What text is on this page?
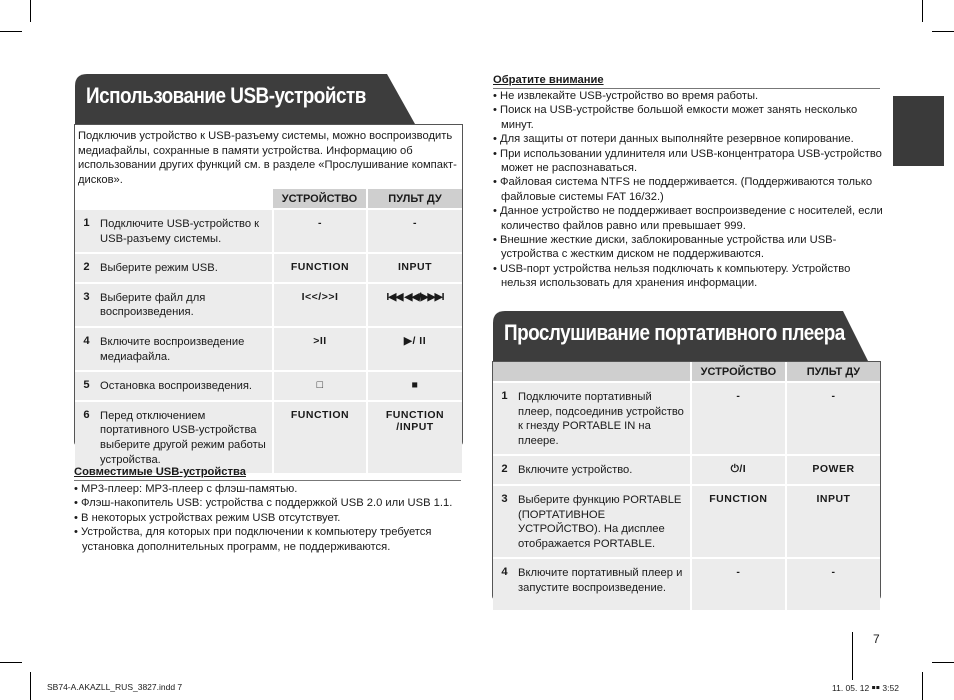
Использование USB-устройств
Подключив устройство к USB-разъему системы, можно воспроизводить медиафайлы, сохранные в памяти устройства. Информацию об использовании других функций см. в разделе «Прослушивание компакт-дисков».
		УСТРОЙСТВО	ПУЛЬТ ДУ
1	Подключите USB-устройство к USB-разъему системы.	-	-
2	Выберите режим USB.	FUNCTION	INPUT
3	Выберите файл для воспроизведения.	I<</>>I	I◀◀ ◀◀/▶▶▶I
4	Включите воспроизведение медиафайла.	>II	▶/ II
5	Остановка воспроизведения.	□	■
6	Перед отключением портативного USB-устройства выберите другой режим работы устройства.	FUNCTION	FUNCTION /INPUT
Совместимые USB-устройства
• MP3-плеер: MP3-плеер с флэш-памятью.
• Флэш-накопитель USB: устройства с поддержкой USB 2.0 или USB 1.1.
• В некоторых устройствах режим USB отсутствует.
• Устройства, для которых при подключении к компьютеру требуется установка дополнительных программ, не поддерживаются.
Обратите внимание
• Не извлекайте USB-устройство во время работы.
• Поиск на USB-устройстве большой емкости может занять несколько минут.
• Для защиты от потери данных выполняйте резервное копирование.
• При использовании удлинителя или USB-концентратора USB-устройство может не распознаваться.
• Файловая система NTFS не поддерживается. (Поддерживаются только файловые системы FAT 16/32.)
• Данное устройство не поддерживает воспроизведение с носителей, если количество файлов равно или превышает 999.
• Внешние жесткие диски, заблокированные устройства или USB-устройства с жестким диском не поддерживаются.
• USB-порт устройства нельзя подключать к компьютеру. Устройство нельзя использовать для хранения информации.
Прослушивание портативного плеера
		УСТРОЙСТВО	ПУЛЬТ ДУ
1	Подключите портативный плеер, подсоединив устройство к гнезду PORTABLE IN на плеере.	-	-
2	Включите устройство.	⏻/I	POWER
3	Выберите функцию PORTABLE (ПОРТАТИВНОЕ УСТРОЙСТВО). На дисплее отображается PORTABLE.	FUNCTION	INPUT
4	Включите портативный плеер и запустите воспроизведение.	-	-
7
SB74-A.AKAZLL_RUS_3827.indd 7	11. 05. 12 ￭￭ 3:52
